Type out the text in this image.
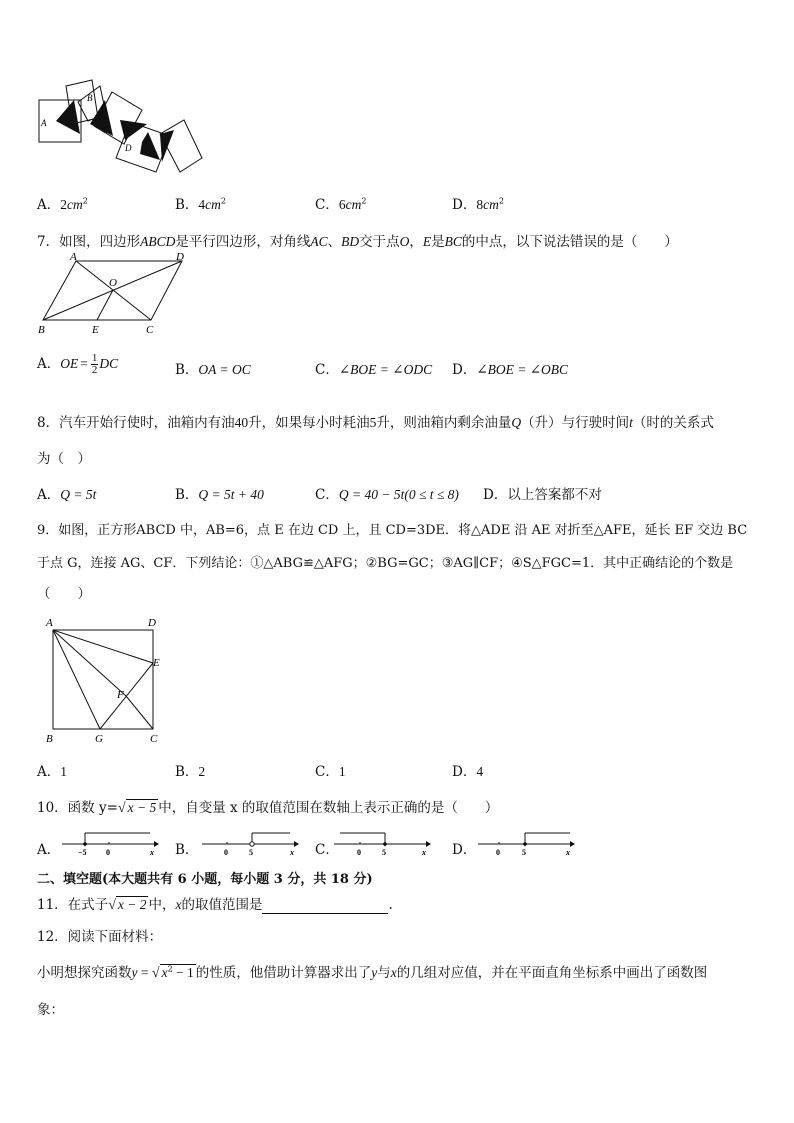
A
B
C
D
A．$2cm^2$	B．$4cm^2$	C．$6cm^2$	D．$8cm^2$
7．如图，四边形ABCD是平行四边形，对角线AC、BD交于点O，E是BC的中点，以下说法错误的是（　　）
A	D
O
B	E	C
A．OE = $\frac{1}{2}$ DC	B．OA = OC	C．∠BOE = ∠ODC D．∠BOE = ∠OBC
8．汽车开始行使时，油箱内有油40升，如果每小时耗油5升，则油箱内剩余油量Q（升）与行驶时间t（时的关系式
为（　）
A．Q = 5t	B．Q = 5t + 40	C．Q = 40 − 5t(0 ≤ t ≤ 8) D．以上答案都不对
9．如图，正方形ABCD 中，AB=6，点 E 在边 CD 上，且 CD=3DE．将△ADE 沿 AE 对折至△AFE，延长 EF 交边 BC
于点 G，连接 AG、CF．下列结论：①△ABG≌△AFG；②BG=GC；③AG∥CF；④S△FGC=1．其中正确结论的个数是
（　　）
A	D
E
F
B	G	C
A．1	B．2	C．1	D．4
10．函数 y=√ x − 5 中，自变量 x 的取值范围在数轴上表示正确的是（　　）
A． −5 0	x B．	0	5	x C． 0	5	x D． 0	5	x
二、填空题(本大题共有 6 小题，每小题 3 分，共 18 分)
11．在式子√ x − 2 中，x的取值范围是	.
12．阅读下面材料：
小明想探究函数y = √ $x^2 - 1$ 的性质，他借助计算器求出了y与x的几组对应值，并在平面直角坐标系中画出了函数图
象：
